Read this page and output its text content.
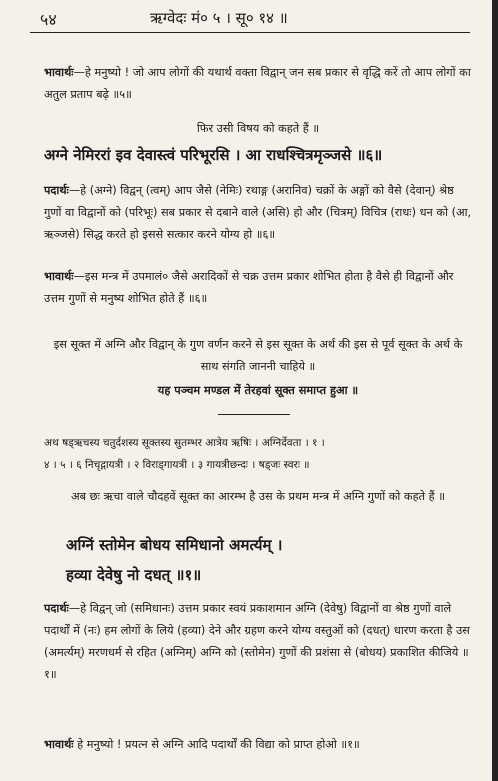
५४	ऋग्वेदः मं० ५ । सू० १४ ॥
भावार्थः—हे मनुष्यो ! जो आप लोगों की यथार्थ वक्ता विद्वान् जन सब प्रकार से वृद्धि करें तो आप लोगों का अतुल प्रताप बढ़े ॥५॥
फिर उसी विषय को कहते हैं ॥
अग्ने नेमिररां इव देवास्त्वं परिभूरसि । आ राधश्चित्रमृञ्जसे ॥६॥
पदार्थः—हे (अग्ने) विद्वन् (त्वम्) आप जैसे (नेमिः) रथाङ्ग (अरानिव) चक्रों के अङ्गों को वैसे (देवान्) श्रेष्ठ गुणों वा विद्वानों को (परिभूः) सब प्रकार से दबाने वाले (असि) हो और (चित्रम्) विचित्र (राधः) धन को (आ, ऋञ्जसे) सिद्ध करते हो इससे सत्कार करने योग्य हो ॥६॥
भावार्थः—इस मन्त्र में उपमालं० जैसे अरादिकों से चक्र उत्तम प्रकार शोभित होता है वैसे ही विद्वानों और उत्तम गुणों से मनुष्य शोभित होते हैं ॥६॥
इस सूक्त में अग्नि और विद्वान् के गुण वर्णन करने से इस सूक्त के अर्थ की इस से पूर्व सूक्त के अर्थ के साथ संगति जाननी चाहिये ॥
यह पञ्चम मण्डल में तेरहवां सूक्त समाप्त हुआ ॥
अथ षड्ऋचस्य चतुर्दशस्य सूक्तस्य सुतम्भर आत्रेय ऋषिः । अग्निर्देवता । १ ।
४ । ५ । ६ निचृद्गायत्री । २ विराड्गायत्री । ३ गायत्रीछन्दः । षड्जः स्वरः ॥
अब छः ऋचा वाले चौदहवें सूक्त का आरम्भ है उस के प्रथम मन्त्र में अग्नि गुणों को कहते हैं ॥
अग्निं स्तोमेन बोधय समिधानो अमर्त्यम् ।
हव्या देवेषु नो दधत् ॥१॥
पदार्थः—हे विद्वन् जो (समिधानः) उत्तम प्रकार स्वयं प्रकाशमान अग्नि (देवेषु) विद्वानों वा श्रेष्ठ गुणों वाले पदार्थों में (नः) हम लोगों के लिये (हव्या) देने और ग्रहण करने योग्य वस्तुओं को (दधत्) धारण करता है उस (अमर्त्यम्) मरणधर्म से रहित (अग्निम्) अग्नि को (स्तोमेन) गुणों की प्रशंसा से (बोधय) प्रकाशित कीजिये ॥१॥
भावार्थः हे मनुष्यो ! प्रयत्न से अग्नि आदि पदार्थों की विद्या को प्राप्त होओ ॥१॥
